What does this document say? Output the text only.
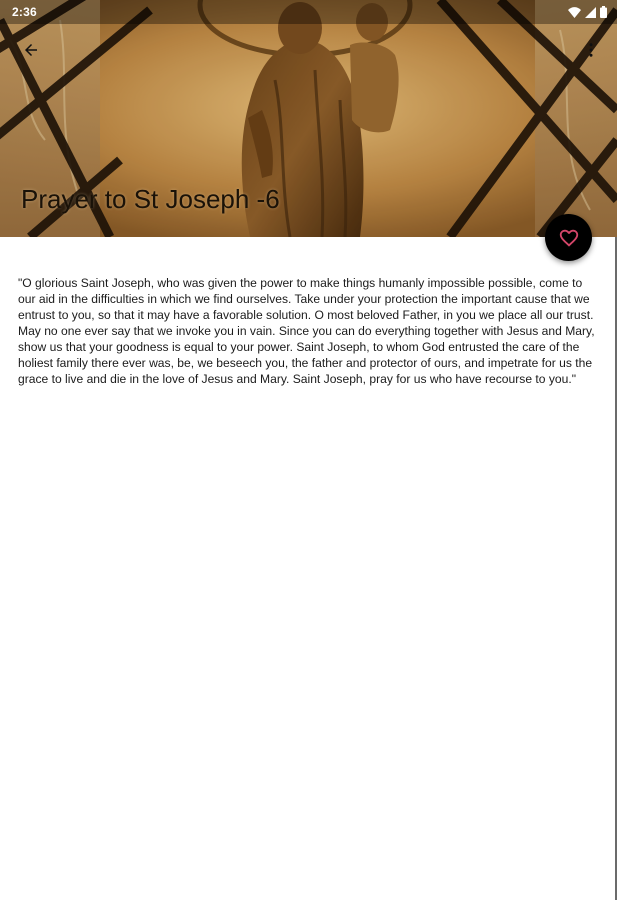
2:36
Prayer to St Joseph -6

"O glorious Saint Joseph, who was given the power to make things humanly impossible possible, come to our aid in the difficulties in which we find ourselves. Take under your protection the important cause that we entrust to you, so that it may have a favorable solution. O most beloved Father, in you we place all our trust. May no one ever say that we invoke you in vain. Since you can do everything together with Jesus and Mary, show us that your goodness is equal to your power. Saint Joseph, to whom God entrusted the care of the holiest family there ever was, be, we beseech you, the father and protector of ours, and impetrate for us the grace to live and die in the love of Jesus and Mary. Saint Joseph, pray for us who have recourse to you."
